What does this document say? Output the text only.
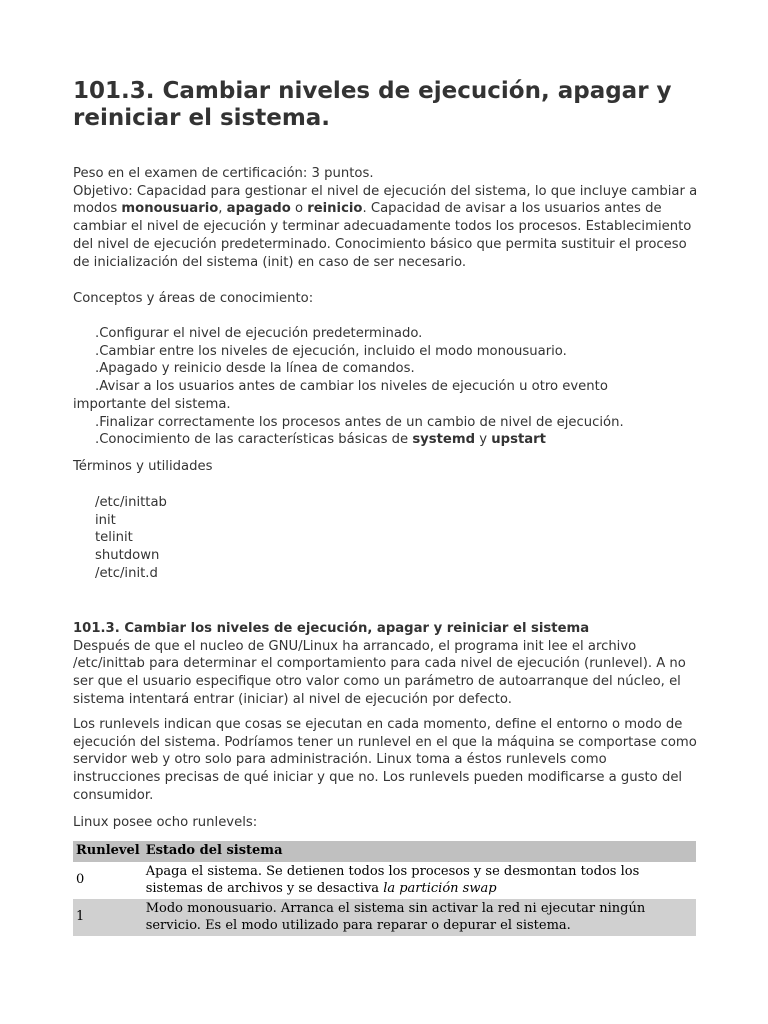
101.3. Cambiar niveles de ejecución, apagar y reiniciar el sistema.

Peso en el examen de certificación: 3 puntos.

Objetivo: Capacidad para gestionar el nivel de ejecución del sistema, lo que incluye cambiar a modos monousuario, apagado o reinicio. Capacidad de avisar a los usuarios antes de cambiar el nivel de ejecución y terminar adecuadamente todos los procesos. Establecimiento del nivel de ejecución predeterminado. Conocimiento básico que permita sustituir el proceso de inicialización del sistema (init) en caso de ser necesario.

Conceptos y áreas de conocimiento:

.Configurar el nivel de ejecución predeterminado.

.Cambiar entre los niveles de ejecución, incluido el modo monousuario.

.Apagado y reinicio desde la línea de comandos.

.Avisar a los usuarios antes de cambiar los niveles de ejecución u otro evento importante del sistema.

.Finalizar correctamente los procesos antes de un cambio de nivel de ejecución.

.Conocimiento de las características básicas de systemd y upstart

Términos y utilidades

/etc/inittab

init

telinit

shutdown

/etc/init.d

101.3. Cambiar los niveles de ejecución, apagar y reiniciar el sistema

Después de que el nucleo de GNU/Linux ha arrancado, el programa init lee el archivo /etc/inittab para determinar el comportamiento para cada nivel de ejecución (runlevel). A no ser que el usuario especifique otro valor como un parámetro de autoarranque del núcleo, el sistema intentará entrar (iniciar) al nivel de ejecución por defecto.

Los runlevels indican que cosas se ejecutan en cada momento, define el entorno o modo de ejecución del sistema. Podríamos tener un runlevel en el que la máquina se comportase como servidor web y otro solo para administración. Linux toma a éstos runlevels como instrucciones precisas de qué iniciar y que no. Los runlevels pueden modificarse a gusto del consumidor.

Linux posee ocho runlevels:

Runlevel	Estado del sistema
0	Apaga el sistema. Se detienen todos los procesos y se desmontan todos los sistemas de archivos y se desactiva la partición swap
1	Modo monousuario. Arranca el sistema sin activar la red ni ejecutar ningún servicio. Es el modo utilizado para reparar o depurar el sistema.
